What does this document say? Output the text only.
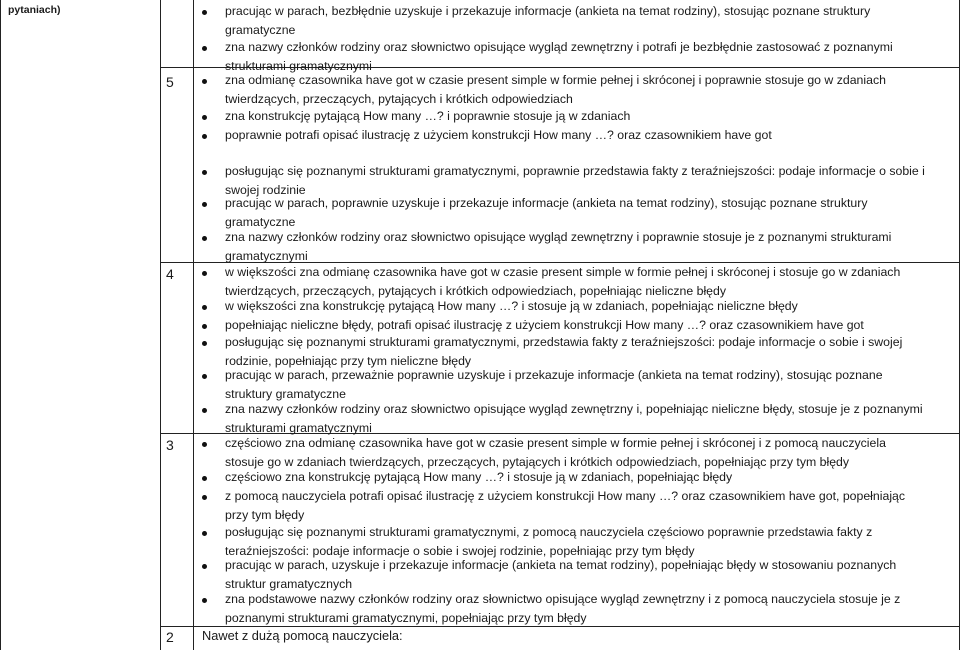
pytaniach)	pracując w parach, bezbłędnie uzyskuje i przekazuje informacje (ankieta na temat rodziny), stosując poznane struktury gramatyczne
zna nazwy członków rodziny oraz słownictwo opisujące wygląd zewnętrzny i potrafi je bezbłędnie zastosować z poznanymi strukturami gramatycznymi
5	zna odmianę czasownika have got w czasie present simple w formie pełnej i skróconej i poprawnie stosuje go w zdaniach twierdzących, przeczących, pytających i krótkich odpowiedziach
zna konstrukcję pytającą How many …? i poprawnie stosuje ją w zdaniach
poprawnie potrafi opisać ilustrację z użyciem konstrukcji How many …? oraz czasownikiem have got
posługując się poznanymi strukturami gramatycznymi, poprawnie przedstawia fakty z teraźniejszości: podaje informacje o sobie i swojej rodzinie
pracując w parach, poprawnie uzyskuje i przekazuje informacje (ankieta na temat rodziny), stosując poznane struktury gramatyczne
zna nazwy członków rodziny oraz słownictwo opisujące wygląd zewnętrzny i poprawnie stosuje je z poznanymi strukturami gramatycznymi
4	w większości zna odmianę czasownika have got w czasie present simple w formie pełnej i skróconej i stosuje go w zdaniach twierdzących, przeczących, pytających i krótkich odpowiedziach, popełniając nieliczne błędy
w większości zna konstrukcję pytającą How many …? i stosuje ją w zdaniach, popełniając nieliczne błędy
popełniając nieliczne błędy, potrafi opisać ilustrację z użyciem konstrukcji How many …? oraz czasownikiem have got
posługując się poznanymi strukturami gramatycznymi, przedstawia fakty z teraźniejszości: podaje informacje o sobie i swojej rodzinie, popełniając przy tym nieliczne błędy
pracując w parach, przeważnie poprawnie uzyskuje i przekazuje informacje (ankieta na temat rodziny), stosując poznane struktury gramatyczne
zna nazwy członków rodziny oraz słownictwo opisujące wygląd zewnętrzny i, popełniając nieliczne błędy, stosuje je z poznanymi strukturami gramatycznymi
3	częściowo zna odmianę czasownika have got w czasie present simple w formie pełnej i skróconej i z pomocą nauczyciela stosuje go w zdaniach twierdzących, przeczących, pytających i krótkich odpowiedziach, popełniając przy tym błędy
częściowo zna konstrukcję pytającą How many …? i stosuje ją w zdaniach, popełniając błędy
z pomocą nauczyciela potrafi opisać ilustrację z użyciem konstrukcji How many …? oraz czasownikiem have got, popełniając przy tym błędy
posługując się poznanymi strukturami gramatycznymi, z pomocą nauczyciela częściowo poprawnie przedstawia fakty z teraźniejszości: podaje informacje o sobie i swojej rodzinie, popełniając przy tym błędy
pracując w parach, uzyskuje i przekazuje informacje (ankieta na temat rodziny), popełniając błędy w stosowaniu poznanych struktur gramatycznych
zna podstawowe nazwy członków rodziny oraz słownictwo opisujące wygląd zewnętrzny i z pomocą nauczyciela stosuje je z poznanymi strukturami gramatycznymi, popełniając przy tym błędy
2 Nawet z dużą pomocą nauczyciela:
